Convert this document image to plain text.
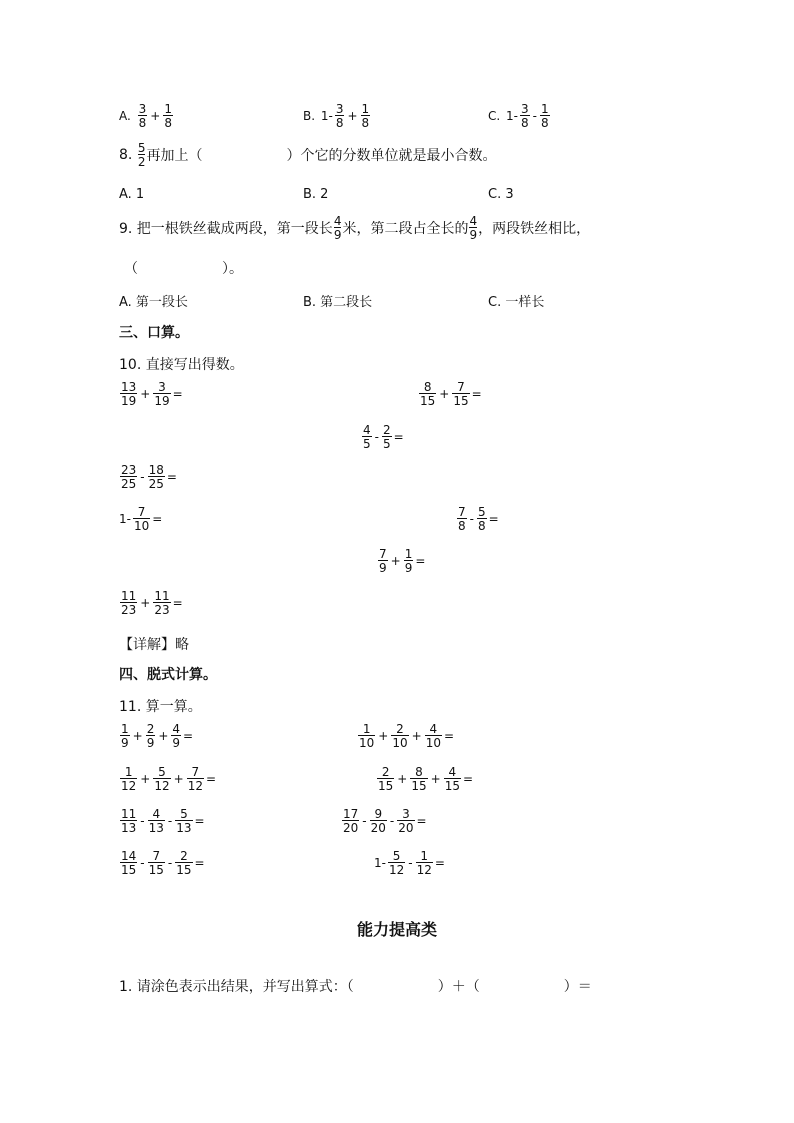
A.
$\frac{3}{8} + \frac{1}{8}$	B.
$1- \frac{3}{8} + \frac{1}{8}$	C.
$1- \frac{3}{8} - \frac{1}{8}$
8.
5
2 再加上（　　　　　　）个它的分数单位就是最小合数。
A. 1	B. 2	C. 3
9. 把一根铁丝截成两段，第一段长 4
9 米，第二段占全长的 4
9 ，两段铁丝相比，
（　　　　　　）。
A. 第一段长	B. 第二段长	C. 一样长
三、口算。
10. 直接写出得数。
$\frac{13}{19} + \frac{3}{19}$ =	$\frac{8}{15} + \frac{7}{15}$ =
$\frac{4}{5} - \frac{2}{5}$ =
$\frac{23}{25} - \frac{18}{25}$ =
$1- \frac{7}{10}$ =	$\frac{7}{8} - \frac{5}{8}$ =
$\frac{7}{9} + \frac{1}{9}$ =
$\frac{11}{23} + \frac{11}{23}$ =
【详解】略
四、脱式计算。
11. 算一算。
$\frac{1}{9} + \frac{2}{9} + \frac{4}{9}$ =	$\frac{1}{10} + \frac{2}{10} + \frac{4}{10}$ =
$\frac{1}{12} + \frac{5}{12} + \frac{7}{12}$ =	$\frac{2}{15} + \frac{8}{15} + \frac{4}{15}$ =
$\frac{11}{13} - \frac{4}{13} - \frac{5}{13}$ =	$\frac{17}{20} - \frac{9}{20} - \frac{3}{20}$ =
$\frac{14}{15} - \frac{7}{15} - \frac{2}{15}$ =	$1- \frac{5}{12} - \frac{1}{12}$ =
能力提高类
1. 请涂色表示出结果，并写出算式：（　　　　　　）＋（　　　　　　）＝
